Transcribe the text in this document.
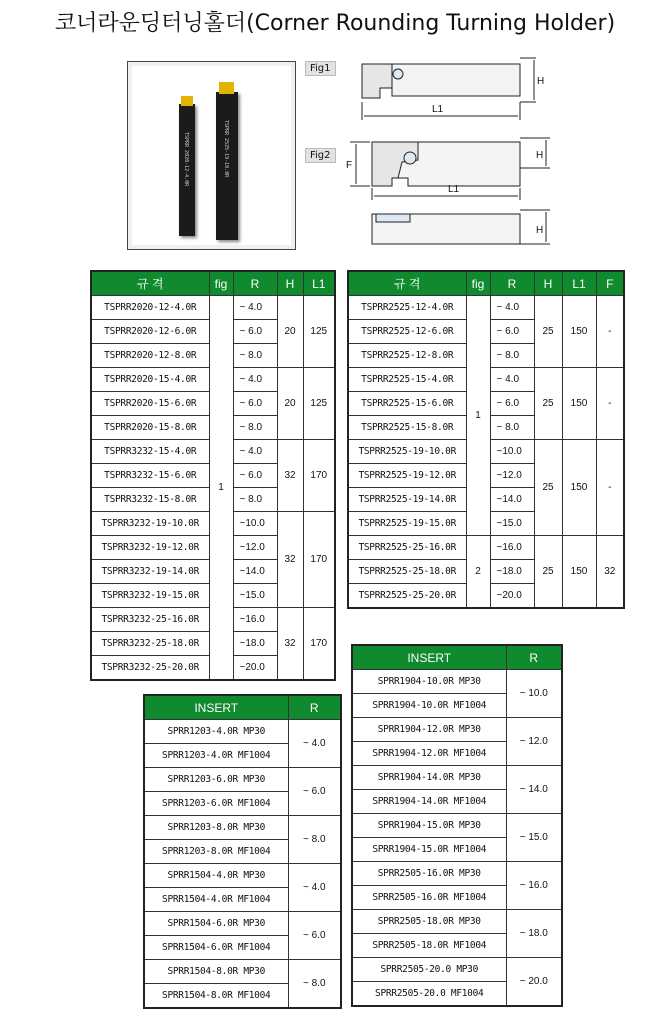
코너라운딩터닝홀더(Corner Rounding Turning Holder)
TSPRR 2020-12-4.0R	TSPRR 2525-19-10.0R
Fig1
Fig2
H
L1
F
H
L1
H
규 격	fig	R	H	L1
TSPRR2020-12-4.0R	1	~ 4.0	20	125
TSPRR2020-12-6.0R		~ 6.0		
TSPRR2020-12-8.0R		~ 8.0		
TSPRR2020-15-4.0R		~ 4.0	20	125
TSPRR2020-15-6.0R		~ 6.0		
TSPRR2020-15-8.0R		~ 8.0		
TSPRR3232-15-4.0R		~ 4.0	32	170
TSPRR3232-15-6.0R		~ 6.0		
TSPRR3232-15-8.0R		~ 8.0		
TSPRR3232-19-10.0R		~10.0	32	170
TSPRR3232-19-12.0R		~12.0		
TSPRR3232-19-14.0R		~14.0		
TSPRR3232-19-15.0R		~15.0		
TSPRR3232-25-16.0R		~16.0	32	170
TSPRR3232-25-18.0R		~18.0		
TSPRR3232-25-20.0R		~20.0		
규 격	fig	R	H	L1	F
TSPRR2525-12-4.0R	1	~ 4.0	25	150	-
TSPRR2525-12-6.0R		~ 6.0			
TSPRR2525-12-8.0R		~ 8.0			
TSPRR2525-15-4.0R		~ 4.0	25	150	-
TSPRR2525-15-6.0R		~ 6.0			
TSPRR2525-15-8.0R		~ 8.0			
TSPRR2525-19-10.0R		~10.0	25	150	-
TSPRR2525-19-12.0R		~12.0			
TSPRR2525-19-14.0R		~14.0			
TSPRR2525-19-15.0R		~15.0			
TSPRR2525-25-16.0R	2	~16.0	25	150	32
TSPRR2525-25-18.0R		~18.0			
TSPRR2525-25-20.0R		~20.0			
INSERT	R
SPRR1203-4.0R MP30	~ 4.0
SPRR1203-4.0R MF1004	
SPRR1203-6.0R MP30	~ 6.0
SPRR1203-6.0R MF1004	
SPRR1203-8.0R MP30	~ 8.0
SPRR1203-8.0R MF1004	
SPRR1504-4.0R MP30	~ 4.0
SPRR1504-4.0R MF1004	
SPRR1504-6.0R MP30	~ 6.0
SPRR1504-6.0R MF1004	
SPRR1504-8.0R MP30	~ 8.0
SPRR1504-8.0R MF1004	
INSERT	R
SPRR1904-10.0R MP30	~ 10.0
SPRR1904-10.0R MF1004	
SPRR1904-12.0R MP30	~ 12.0
SPRR1904-12.0R MF1004	
SPRR1904-14.0R MP30	~ 14.0
SPRR1904-14.0R MF1004	
SPRR1904-15.0R MP30	~ 15.0
SPRR1904-15.0R MF1004	
SPRR2505-16.0R MP30	~ 16.0
SPRR2505-16.0R MF1004	
SPRR2505-18.0R MP30	~ 18.0
SPRR2505-18.0R MF1004	
SPRR2505-20.0 MP30	~ 20.0
SPRR2505-20.0 MF1004	
